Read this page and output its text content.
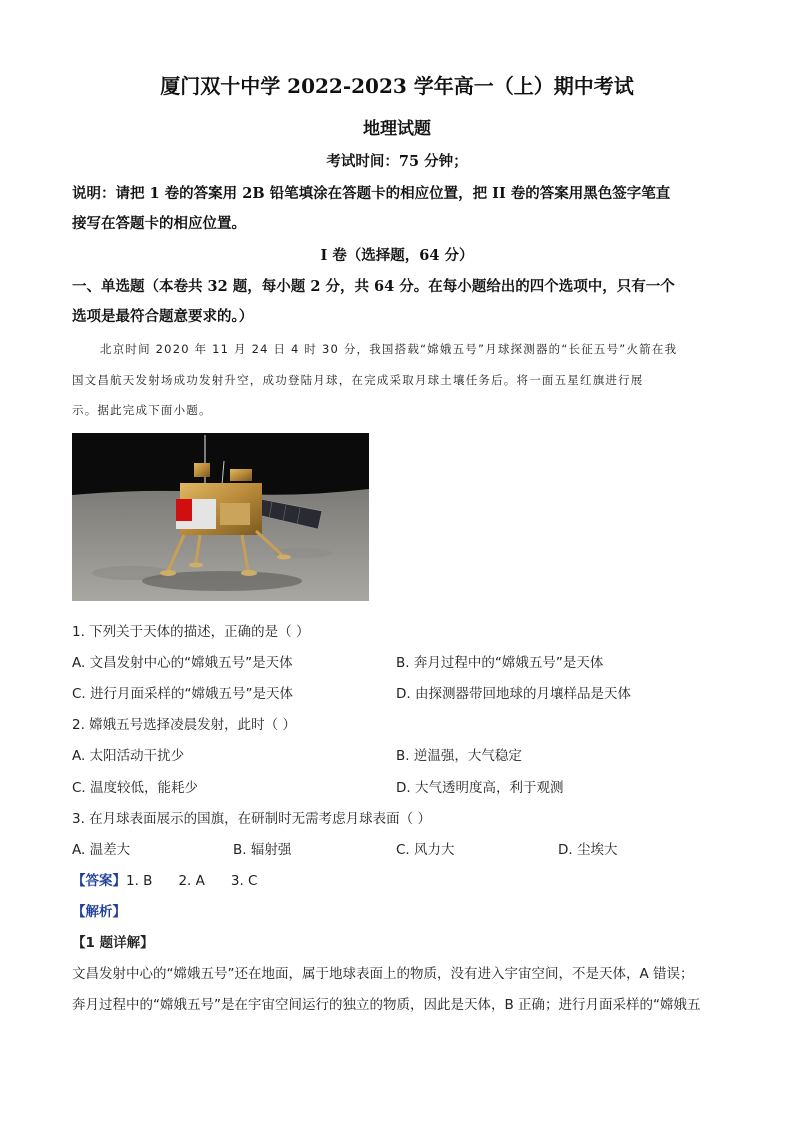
厦门双十中学 2022-2023 学年高一（上）期中考试
地理试题
考试时间：75 分钟；
说明：请把 1 卷的答案用 2B 铅笔填涂在答题卡的相应位置，把 II 卷的答案用黑色签字笔直
接写在答题卡的相应位置。
I 卷（选择题，64 分）
一、单选题（本卷共 32 题，每小题 2 分，共 64 分。在每小题给出的四个选项中，只有一个
选项是最符合题意要求的。）
北京时间 2020 年 11 月 24 日 4 时 30 分，我国搭载“嫦娥五号”月球探测器的“长征五号”火箭在我
国文昌航天发射场成功发射升空，成功登陆月球，在完成采取月球土壤任务后。将一面五星红旗进行展
示。据此完成下面小题。
1. 下列关于天体的描述，正确的是（ ）
A. 文昌发射中心的“嫦娥五号”是天体	B. 奔月过程中的“嫦娥五号”是天体
C. 进行月面采样的“嫦娥五号”是天体	D. 由探测器带回地球的月壤样品是天体
2. 嫦娥五号选择凌晨发射，此时（ ）
A. 太阳活动干扰少	B. 逆温强，大气稳定
C. 温度较低，能耗少	D. 大气透明度高，利于观测
3. 在月球表面展示的国旗，在研制时无需考虑月球表面（ ）
A. 温差大	B. 辐射强	C. 风力大	D. 尘埃大
【答案】1. B 2. A 3. C
【解析】
【1 题详解】
文昌发射中心的“嫦娥五号”还在地面，属于地球表面上的物质，没有进入宇宙空间，不是天体，A 错误；
奔月过程中的“嫦娥五号”是在宇宙空间运行的独立的物质，因此是天体，B 正确；进行月面采样的“嫦娥五
